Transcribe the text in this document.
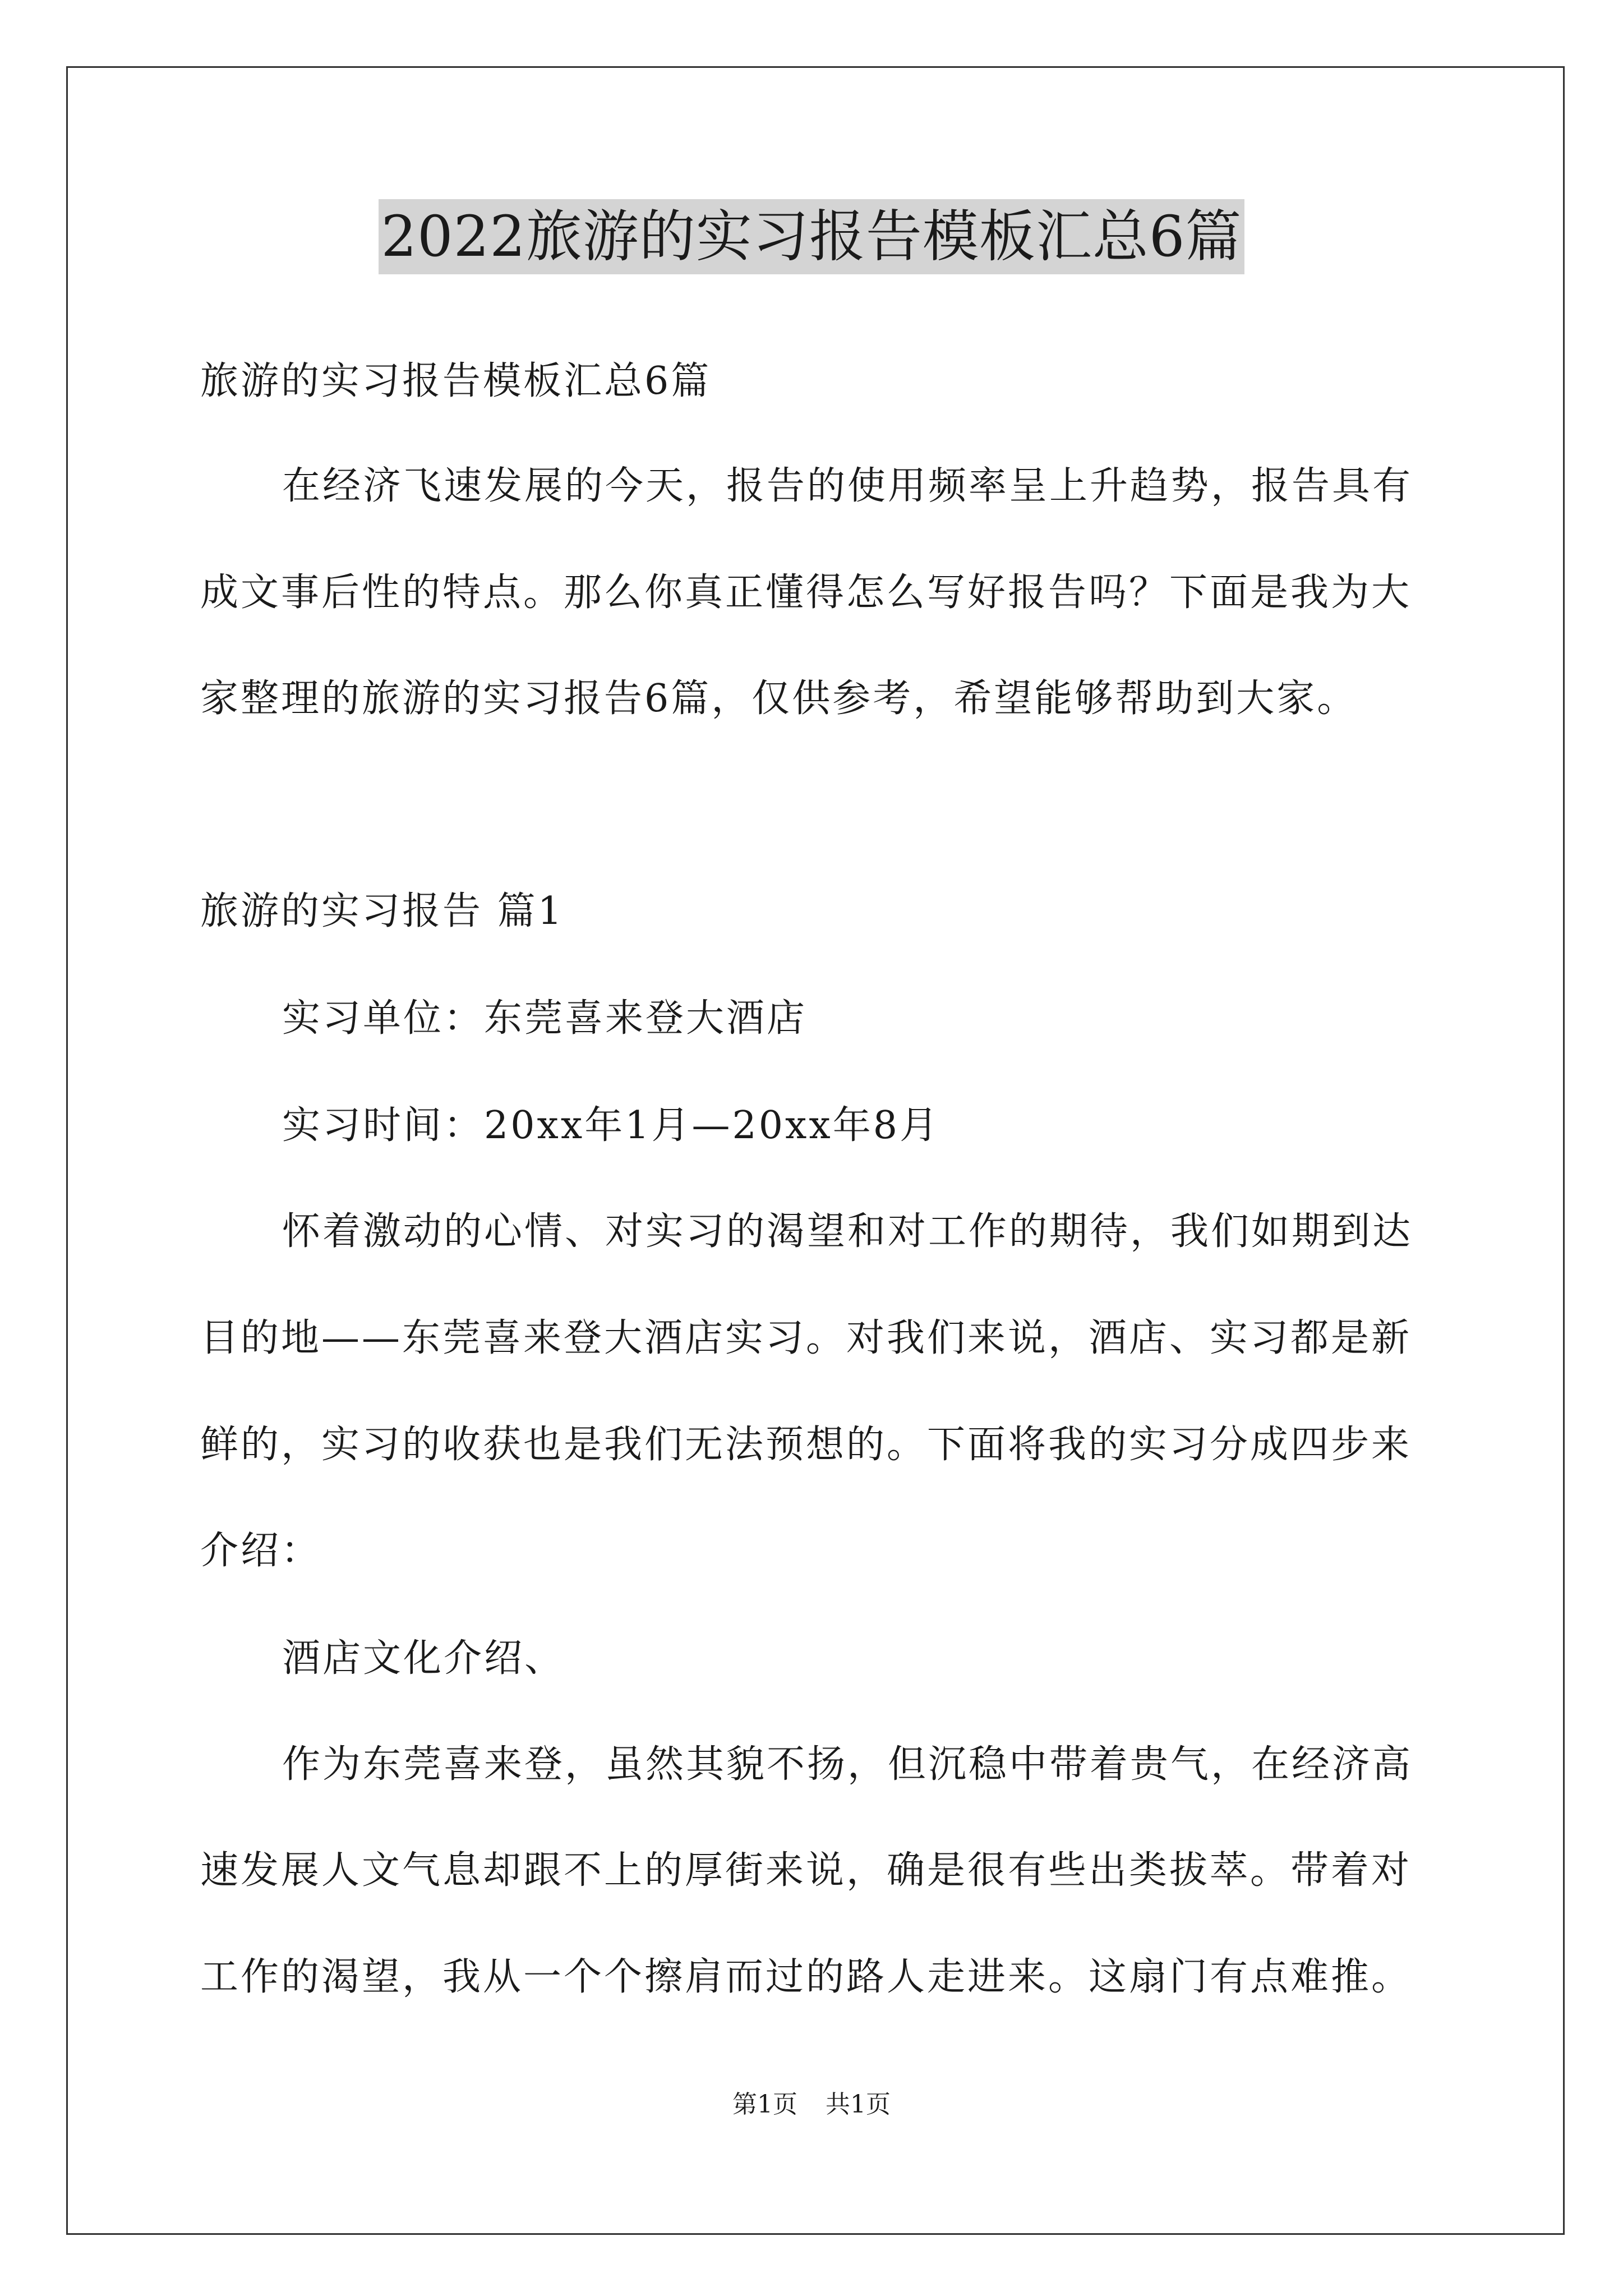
2022旅游的实习报告模板汇总6篇
旅游的实习报告模板汇总6篇
在经济飞速发展的今天，报告的使用频率呈上升趋势，报告具有
成文事后性的特点。那么你真正懂得怎么写好报告吗？下面是我为大
家整理的旅游的实习报告6篇，仅供参考，希望能够帮助到大家。
旅游的实习报告 篇1
实习单位：东莞喜来登大酒店
实习时间：20xx年1月—20xx年8月
怀着激动的心情、对实习的渴望和对工作的期待，我们如期到达
目的地——东莞喜来登大酒店实习。对我们来说，酒店、实习都是新
鲜的，实习的收获也是我们无法预想的。下面将我的实习分成四步来
介绍：
酒店文化介绍、
作为东莞喜来登，虽然其貌不扬，但沉稳中带着贵气，在经济高
速发展人文气息却跟不上的厚街来说，确是很有些出类拔萃。带着对
工作的渴望，我从一个个擦肩而过的路人走进来。这扇门有点难推。
第1页 共1页
